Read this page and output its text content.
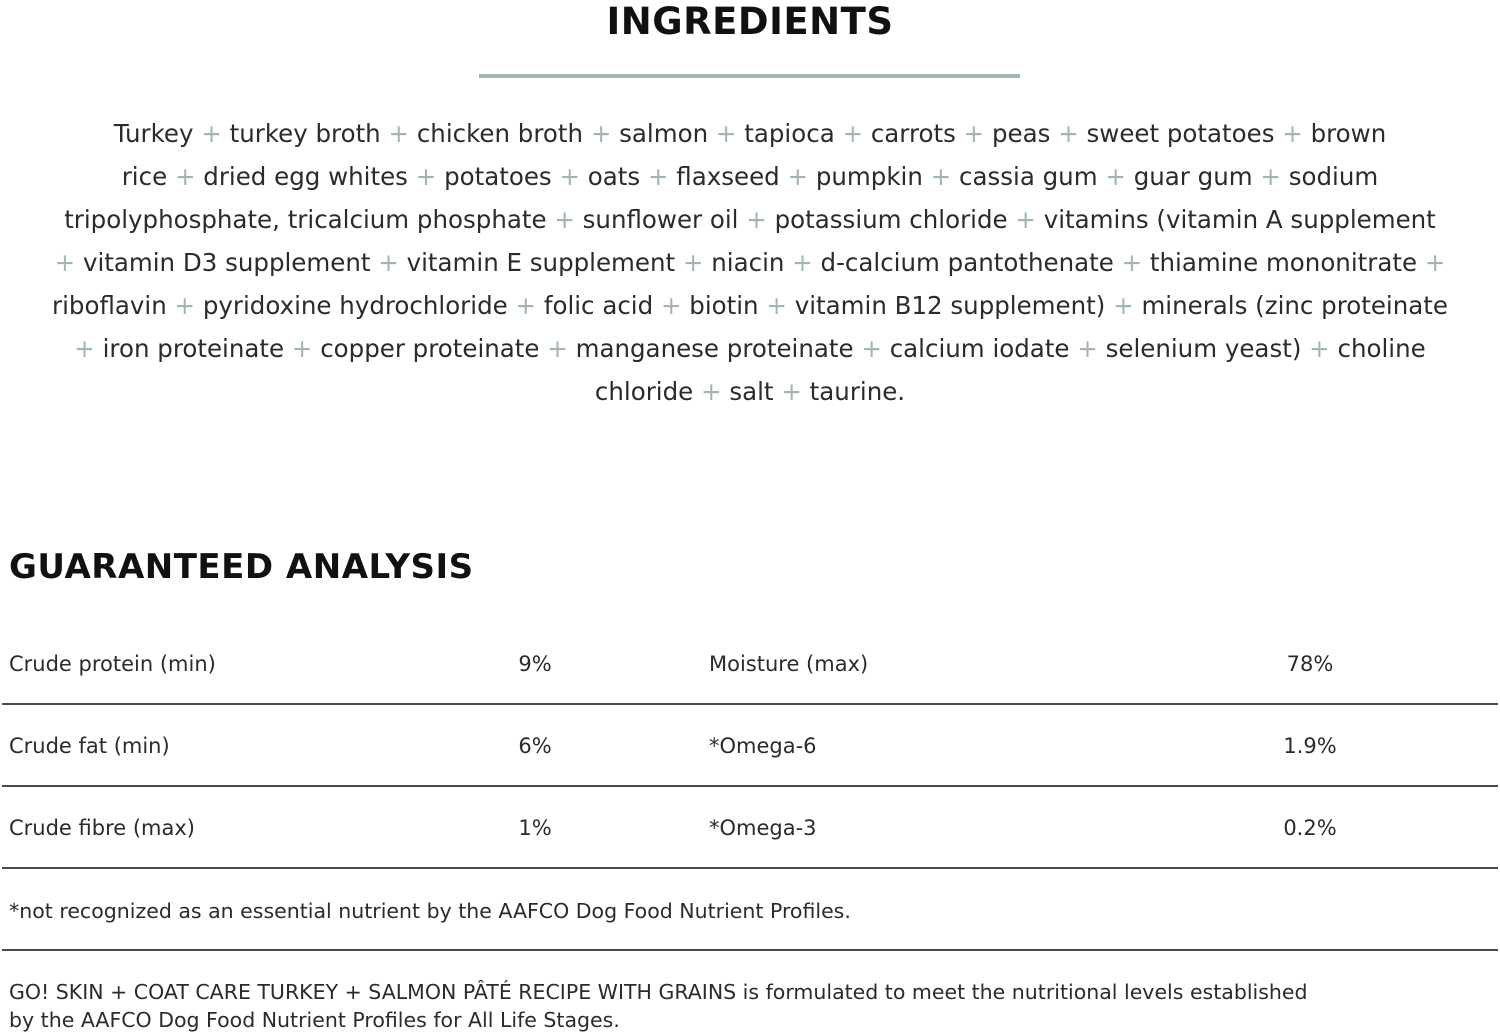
INGREDIENTS
Turkey + turkey broth + chicken broth + salmon + tapioca + carrots + peas + sweet potatoes + brown
rice + dried egg whites + potatoes + oats + flaxseed + pumpkin + cassia gum + guar gum + sodium
tripolyphosphate, tricalcium phosphate + sunflower oil + potassium chloride + vitamins (vitamin A supplement
+ vitamin D3 supplement + vitamin E supplement + niacin + d-calcium pantothenate + thiamine mononitrate +
riboflavin + pyridoxine hydrochloride + folic acid + biotin + vitamin B12 supplement) + minerals (zinc proteinate
+ iron proteinate + copper proteinate + manganese proteinate + calcium iodate + selenium yeast) + choline
chloride + salt + taurine.
GUARANTEED ANALYSIS
Crude protein (min)	9%	Moisture (max)	78%
Crude fat (min)	6%	*Omega-6	1.9%
Crude fibre (max)	1%	*Omega-3	0.2%
*not recognized as an essential nutrient by the AAFCO Dog Food Nutrient Profiles.
GO! SKIN + COAT CARE TURKEY + SALMON PÂTÉ RECIPE WITH GRAINS is formulated to meet the nutritional levels established
by the AAFCO Dog Food Nutrient Profiles for All Life Stages.
